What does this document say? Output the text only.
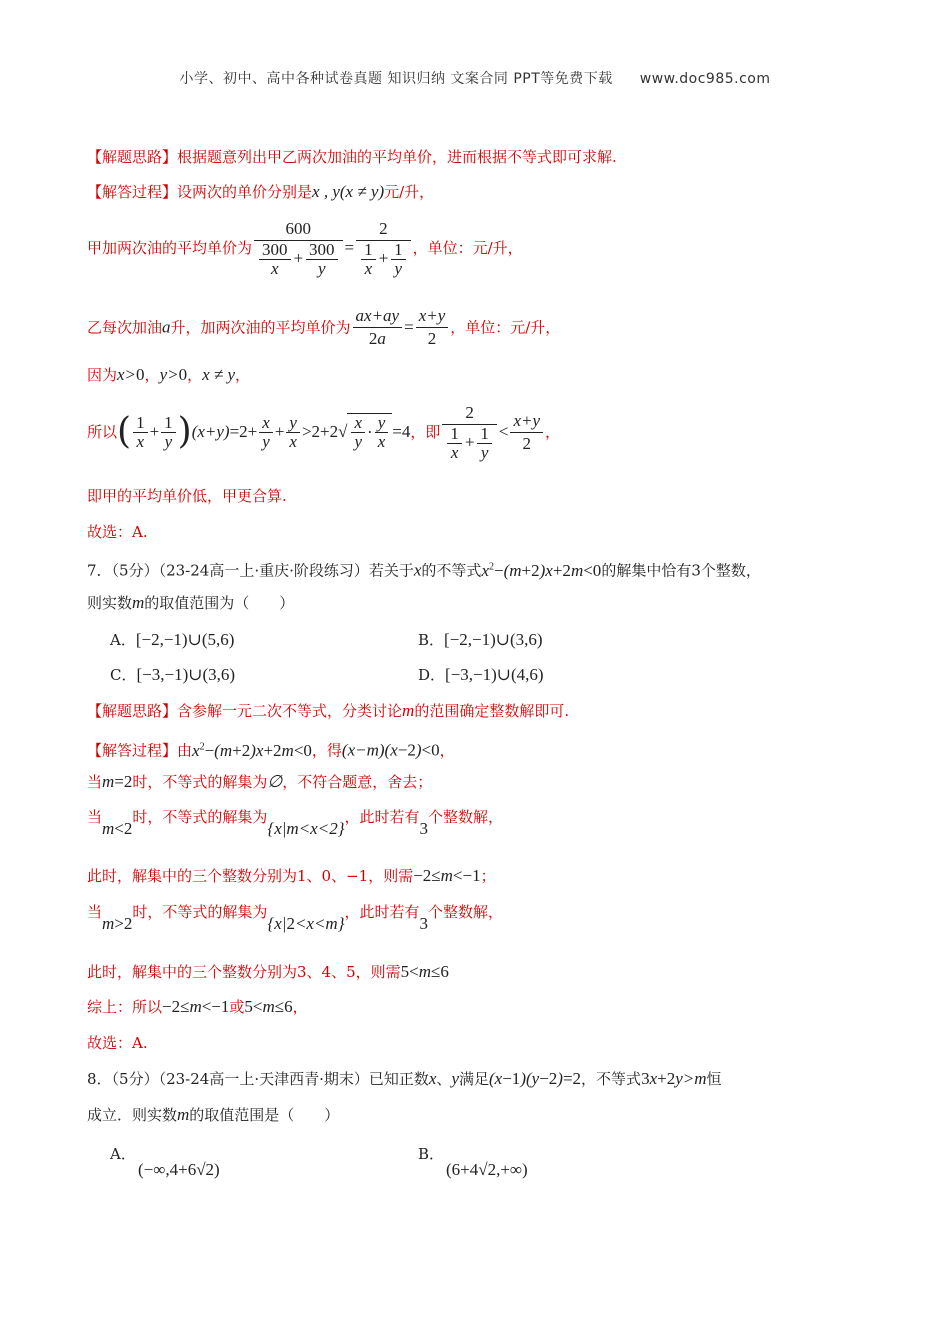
小学、初中、高中各种试卷真题 知识归纳 文案合同 PPT等免费下载 www.doc985.com
【解题思路】根据题意列出甲乙两次加油的平均单价，进而根据不等式即可求解.
【解答过程】设两次的单价分别是x , y(x ≠ y)元/升，
甲加两次油的平均单价为 $\frac{600}{\frac{300}{x} + \frac{300}{y}} = \frac{2}{\frac{1}{x} + \frac{1}{y}}$ ，单位：元/升，
乙每次加油a升，加两次油的平均单价为 $\frac{ax+ay}{2a} = \frac{x+y}{2}$ ，单位：元/升，
因为x>0，y>0，x ≠ y，
所以( $\frac{1}{x} + \frac{1}{y} )(x+y)=2+ \frac{x}{y} + \frac{y}{x} >2+2√ \frac{x}{y} \cdot \frac{y}{x} =4$，即 $\frac{2}{\frac{1}{x} + \frac{1}{y}} < \frac{x+y}{2}$ ，
即甲的平均单价低，甲更合算.
故选：A.
7．（5分）（23-24高一上·重庆·阶段练习）若关于x的不等式$x^2-(m+2)x+2m<0$的解集中恰有3个整数，
则实数m的取值范围为（　　）
A．[−2,−1)∪(5,6)	B．[−2,−1)∪(3,6)
C．[−3,−1)∪(3,6)	D．[−3,−1)∪(4,6)
【解题思路】含参解一元二次不等式，分类讨论m的范围确定整数解即可.
【解答过程】由$x^2-(m+2)x+2m<0$，得(x−m)(x−2)<0，
当m=2时，不等式的解集为∅，不符合题意，舍去；
当m<2时，不等式的解集为{x|m<x<2}，此时若有3个整数解，
此时，解集中的三个整数分别为1、0、−1，则需−2≤m<−1；
当m>2时，不等式的解集为{x|2<x<m}，此时若有3个整数解，
此时，解集中的三个整数分别为3、4、5，则需5<m≤6
综上：所以−2≤m<−1或5<m≤6，
故选：A.
8．（5分）（23-24高一上·天津西青·期末）已知正数x、y满足(x−1)(y−2)=2，不等式3x+2y>m恒
成立．则实数m的取值范围是（　　）
A．
(−∞,4+6√2)
B．
(6+4√2,+∞)
